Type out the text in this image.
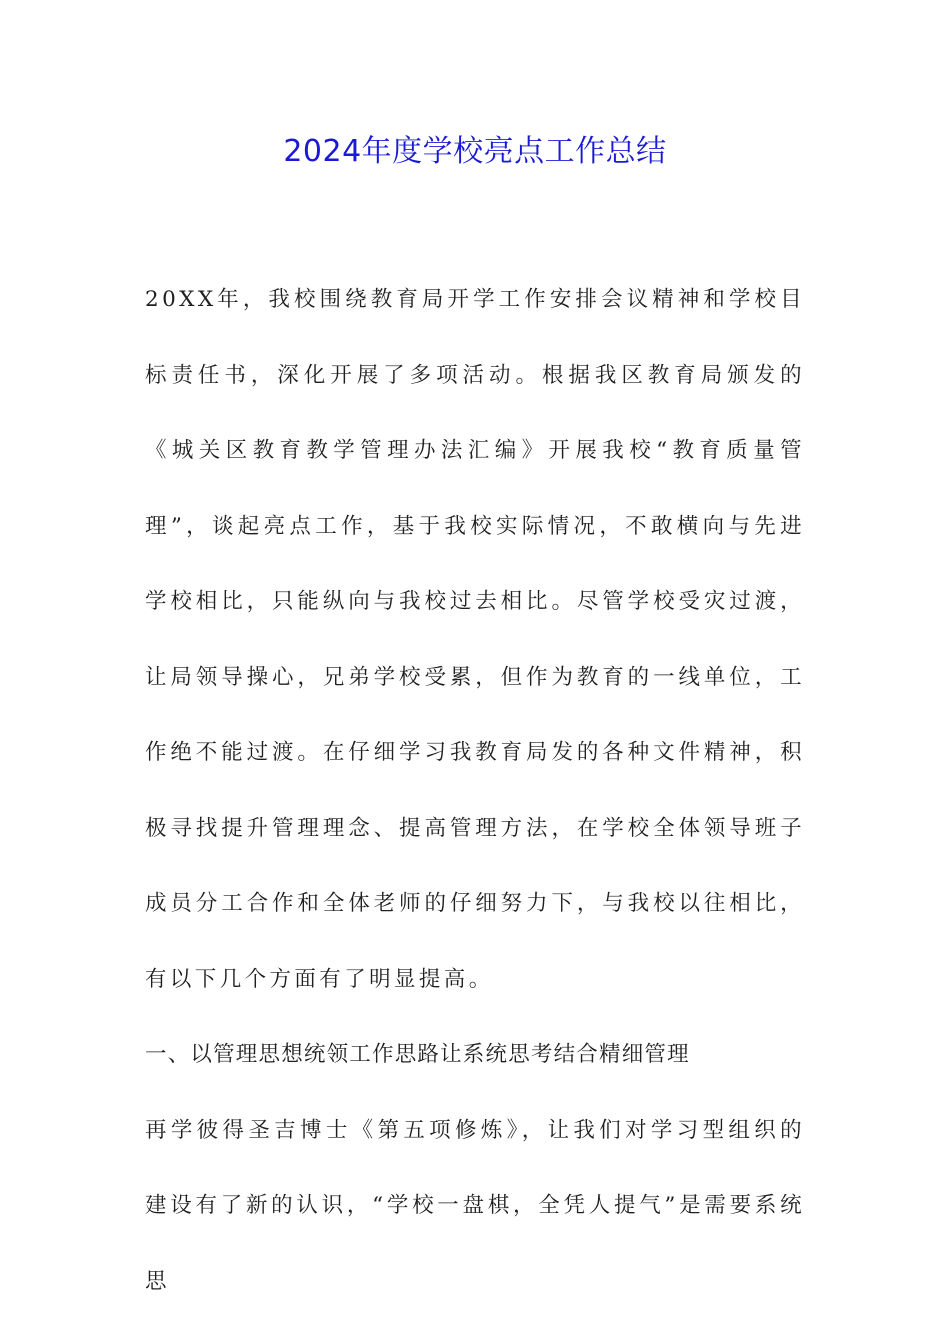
2024年度学校亮点工作总结

20XX年，我校围绕教育局开学工作安排会议精神和学校目标责任书，深化开展了多项活动。根据我区教育局颁发的《城关区教育教学管理办法汇编》开展我校“教育质量管理”，谈起亮点工作，基于我校实际情况，不敢横向与先进学校相比，只能纵向与我校过去相比。尽管学校受灾过渡，让局领导操心，兄弟学校受累，但作为教育的一线单位，工作绝不能过渡。在仔细学习我教育局发的各种文件精神，积极寻找提升管理理念、提高管理方法，在学校全体领导班子成员分工合作和全体老师的仔细努力下，与我校以往相比，有以下几个方面有了明显提高。

一、以管理思想统领工作思路让系统思考结合精细管理

再学彼得圣吉博士《第五项修炼》，让我们对学习型组织的建设有了新的认识，“学校一盘棋，全凭人提气”是需要系统思
